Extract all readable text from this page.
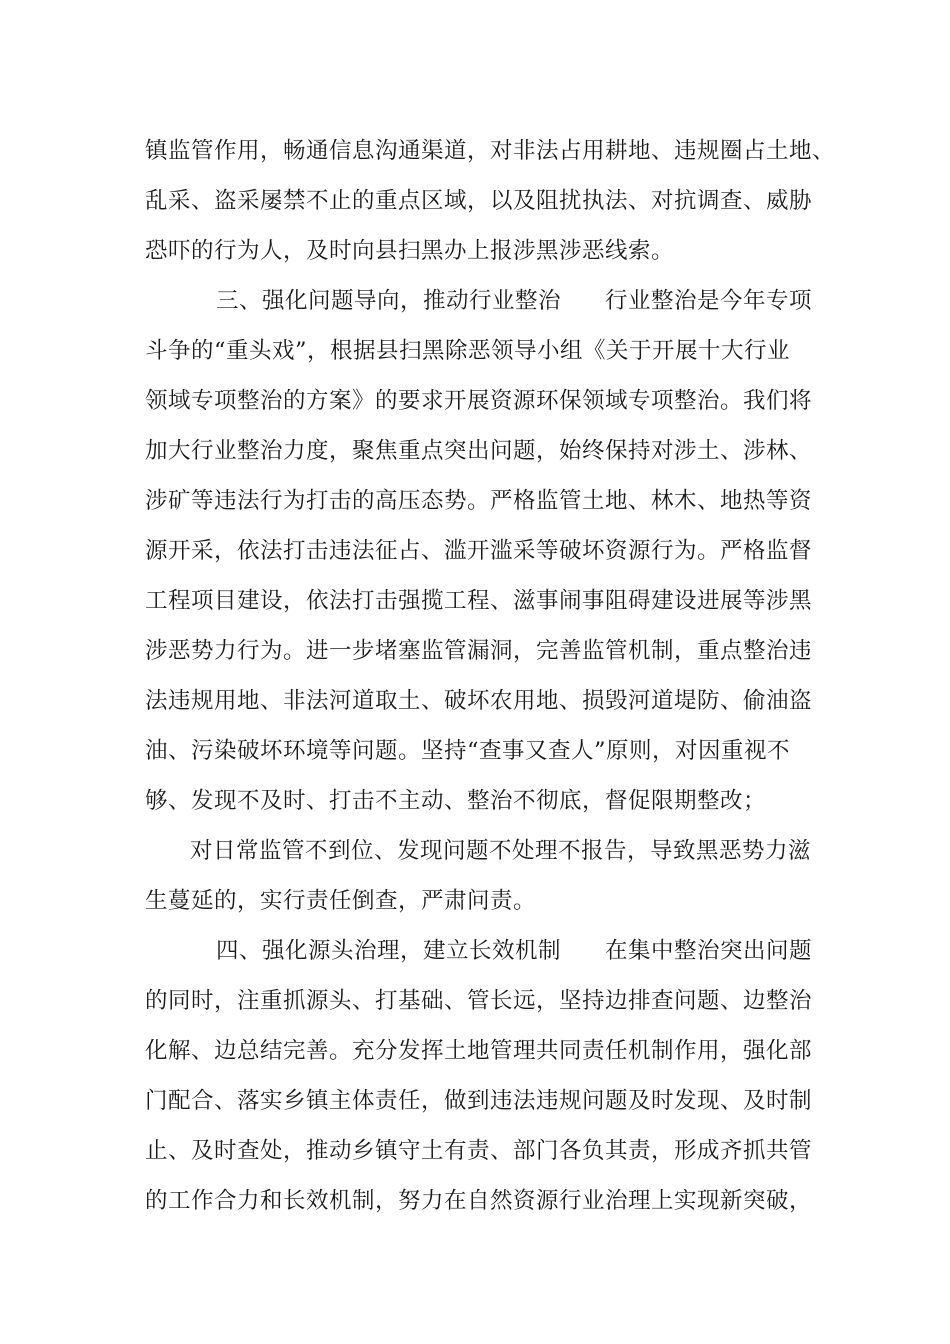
镇监管作用，畅通信息沟通渠道，对非法占用耕地、违规圈占土地、
乱采、盗采屡禁不止的重点区域，以及阻扰执法、对抗调查、威胁
恐吓的行为人，及时向县扫黑办上报涉黑涉恶线索。
三、强化问题导向，推动行业整治 行业整治是今年专项
斗争的“重头戏”，根据县扫黑除恶领导小组《关于开展十大行业
领域专项整治的方案》的要求开展资源环保领域专项整治。我们将
加大行业整治力度，聚焦重点突出问题，始终保持对涉土、涉林、
涉矿等违法行为打击的高压态势。严格监管土地、林木、地热等资
源开采，依法打击违法征占、滥开滥采等破坏资源行为。严格监督
工程项目建设，依法打击强揽工程、滋事闹事阻碍建设进展等涉黑
涉恶势力行为。进一步堵塞监管漏洞，完善监管机制，重点整治违
法违规用地、非法河道取土、破坏农用地、损毁河道堤防、偷油盗
油、污染破坏环境等问题。坚持“查事又查人”原则，对因重视不
够、发现不及时、打击不主动、整治不彻底，督促限期整改；
对日常监管不到位、发现问题不处理不报告，导致黑恶势力滋
生蔓延的，实行责任倒查，严肃问责。
四、强化源头治理，建立长效机制 在集中整治突出问题
的同时，注重抓源头、打基础、管长远，坚持边排查问题、边整治
化解、边总结完善。充分发挥土地管理共同责任机制作用，强化部
门配合、落实乡镇主体责任，做到违法违规问题及时发现、及时制
止、及时查处，推动乡镇守土有责、部门各负其责，形成齐抓共管
的工作合力和长效机制，努力在自然资源行业治理上实现新突破，
